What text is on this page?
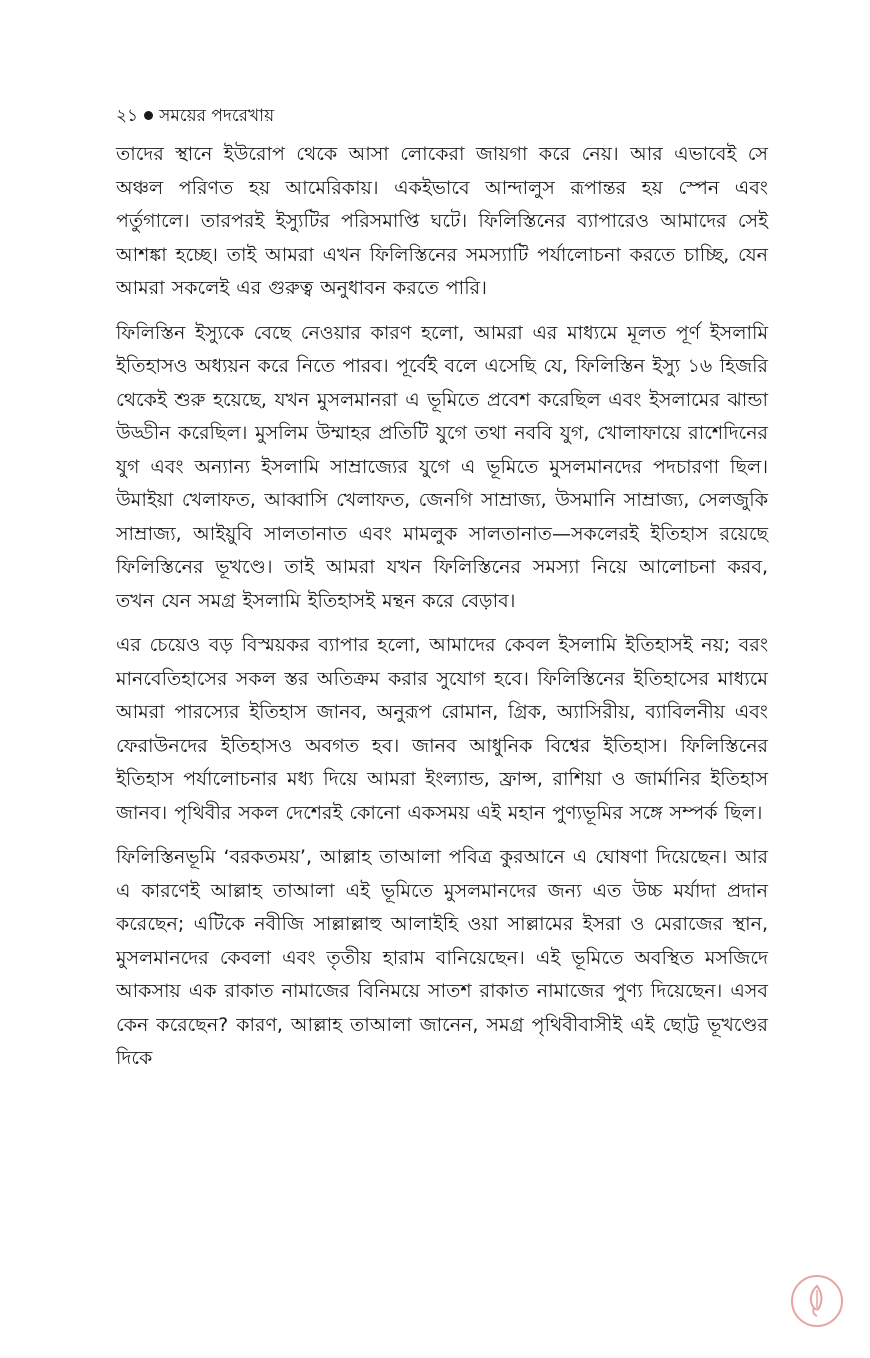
২১ সময়ের পদরেখায়

তাদের স্থানে ইউরোপ থেকে আসা লোকেরা জায়গা করে নেয়। আর এভাবেই সে অঞ্চল পরিণত হয় আমেরিকায়। একইভাবে আন্দালুস রূপান্তর হয় স্পেন এবং পর্তুগালে। তারপরই ইস্যুটির পরিসমাপ্তি ঘটে। ফিলিস্তিনের ব্যাপারেও আমাদের সেই আশঙ্কা হচ্ছে। তাই আমরা এখন ফিলিস্তিনের সমস্যাটি পর্যালোচনা করতে চাচ্ছি, যেন আমরা সকলেই এর গুরুত্ব অনুধাবন করতে পারি।

ফিলিস্তিন ইস্যুকে বেছে নেওয়ার কারণ হলো, আমরা এর মাধ্যমে মূলত পূর্ণ ইসলামি ইতিহাসও অধ্যয়ন করে নিতে পারব। পূর্বেই বলে এসেছি যে, ফিলিস্তিন ইস্যু ১৬ হিজরি থেকেই শুরু হয়েছে, যখন মুসলমানরা এ ভূমিতে প্রবেশ করেছিল এবং ইসলামের ঝান্ডা উড্ডীন করেছিল। মুসলিম উম্মাহর প্রতিটি যুগে তথা নববি যুগ, খোলাফায়ে রাশেদিনের যুগ এবং অন্যান্য ইসলামি সাম্রাজ্যের যুগে এ ভূমিতে মুসলমানদের পদচারণা ছিল। উমাইয়া খেলাফত, আব্বাসি খেলাফত, জেনগি সাম্রাজ্য, উসমানি সাম্রাজ্য, সেলজুকি সাম্রাজ্য, আইয়ুবি সালতানাত এবং মামলুক সালতানাত—সকলেরই ইতিহাস রয়েছে ফিলিস্তিনের ভূখণ্ডে। তাই আমরা যখন ফিলিস্তিনের সমস্যা নিয়ে আলোচনা করব, তখন যেন সমগ্র ইসলামি ইতিহাসই মন্থন করে বেড়াব।

এর চেয়েও বড় বিস্ময়কর ব্যাপার হলো, আমাদের কেবল ইসলামি ইতিহাসই নয়; বরং মানবেতিহাসের সকল স্তর অতিক্রম করার সুযোগ হবে। ফিলিস্তিনের ইতিহাসের মাধ্যমে আমরা পারস্যের ইতিহাস জানব, অনুরূপ রোমান, গ্রিক, অ্যাসিরীয়, ব্যাবিলনীয় এবং ফেরাউনদের ইতিহাসও অবগত হব। জানব আধুনিক বিশ্বের ইতিহাস। ফিলিস্তিনের ইতিহাস পর্যালোচনার মধ্য দিয়ে আমরা ইংল্যান্ড, ফ্রান্স, রাশিয়া ও জার্মানির ইতিহাস জানব। পৃথিবীর সকল দেশেরই কোনো একসময় এই মহান পুণ্যভূমির সঙ্গে সম্পর্ক ছিল।

ফিলিস্তিনভূমি ‘বরকতময়’, আল্লাহ তাআলা পবিত্র কুরআনে এ ঘোষণা দিয়েছেন। আর এ কারণেই আল্লাহ তাআলা এই ভূমিতে মুসলমানদের জন্য এত উচ্চ মর্যাদা প্রদান করেছেন; এটিকে নবীজি সাল্লাল্লাহু আলাইহি ওয়া সাল্লামের ইসরা ও মেরাজের স্থান, মুসলমানদের কেবলা এবং তৃতীয় হারাম বানিয়েছেন। এই ভূমিতে অবস্থিত মসজিদে আকসায় এক রাকাত নামাজের বিনিময়ে সাতশ রাকাত নামাজের পুণ্য দিয়েছেন। এসব কেন করেছেন? কারণ, আল্লাহ তাআলা জানেন, সমগ্র পৃথিবীবাসীই এই ছোট্ট ভূখণ্ডের দিকে
